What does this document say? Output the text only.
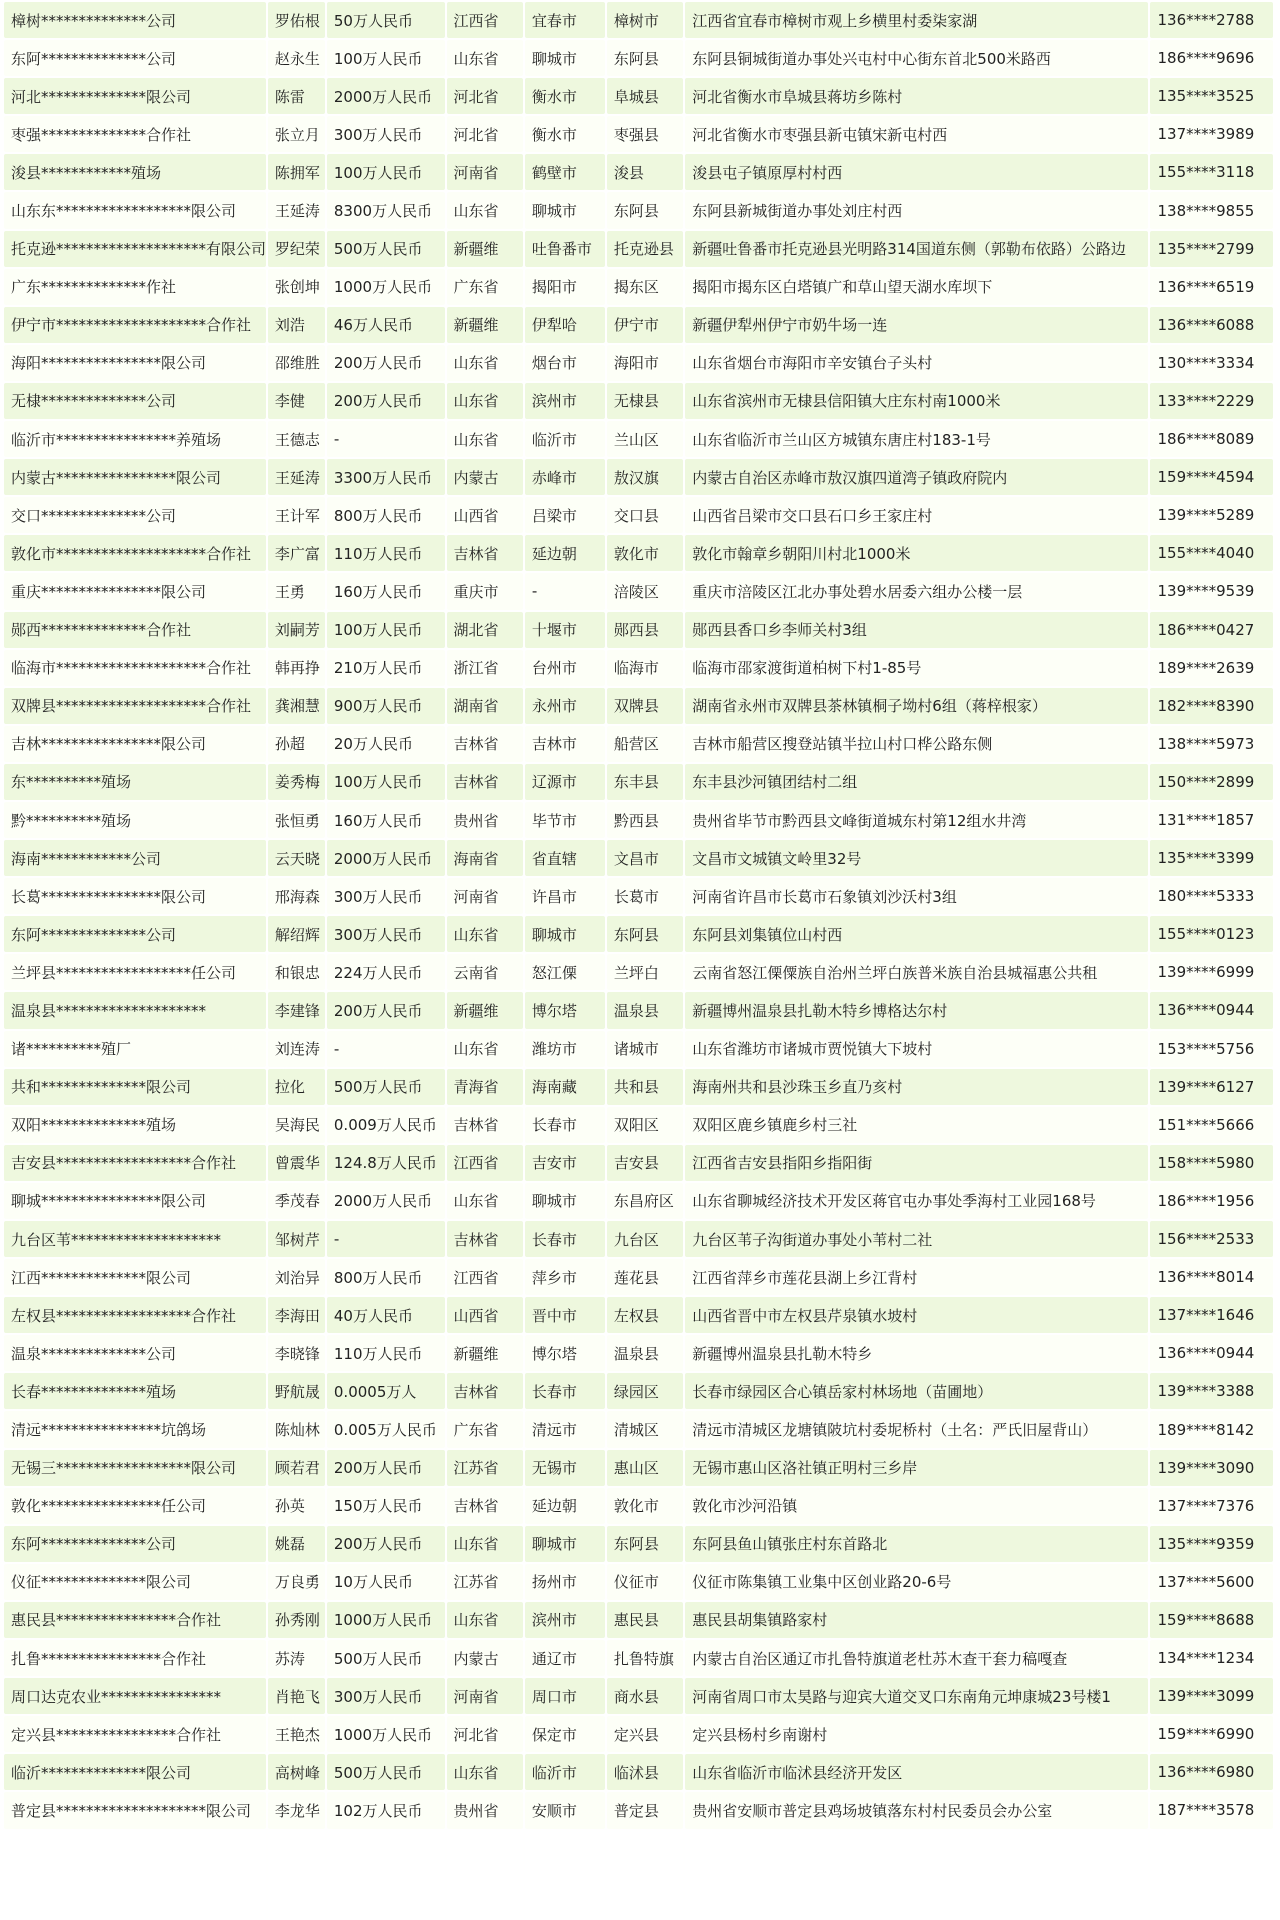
樟树**************公司	罗佑根	50万人民币	江西省	宜春市	樟树市	江西省宜春市樟树市观上乡横里村委柒家湖	136****2788
东阿**************公司	赵永生	100万人民币	山东省	聊城市	东阿县	东阿县铜城街道办事处兴屯村中心街东首北500米路西	186****9696
河北**************限公司	陈雷	2000万人民币	河北省	衡水市	阜城县	河北省衡水市阜城县蒋坊乡陈村	135****3525
枣强**************合作社	张立月	300万人民币	河北省	衡水市	枣强县	河北省衡水市枣强县新屯镇宋新屯村西	137****3989
浚县************殖场	陈拥军	100万人民币	河南省	鹤壁市	浚县	浚县屯子镇原厚村村西	155****3118
山东东******************限公司	王延涛	8300万人民币	山东省	聊城市	东阿县	东阿县新城街道办事处刘庄村西	138****9855
托克逊********************有限公司	罗纪荣	500万人民币	新疆维	吐鲁番市	托克逊县	新疆吐鲁番市托克逊县光明路314国道东侧（郭勒布依路）公路边	135****2799
广东**************作社	张创坤	1000万人民币	广东省	揭阳市	揭东区	揭阳市揭东区白塔镇广和草山望天湖水库坝下	136****6519
伊宁市********************合作社	刘浩	46万人民币	新疆维	伊犁哈	伊宁市	新疆伊犁州伊宁市奶牛场一连	136****6088
海阳****************限公司	邵维胜	200万人民币	山东省	烟台市	海阳市	山东省烟台市海阳市辛安镇台子头村	130****3334
无棣**************公司	李健	200万人民币	山东省	滨州市	无棣县	山东省滨州市无棣县信阳镇大庄东村南1000米	133****2229
临沂市****************养殖场	王德志	-	山东省	临沂市	兰山区	山东省临沂市兰山区方城镇东唐庄村183-1号	186****8089
内蒙古****************限公司	王延涛	3300万人民币	内蒙古	赤峰市	敖汉旗	内蒙古自治区赤峰市敖汉旗四道湾子镇政府院内	159****4594
交口**************公司	王计军	800万人民币	山西省	吕梁市	交口县	山西省吕梁市交口县石口乡王家庄村	139****5289
敦化市********************合作社	李广富	110万人民币	吉林省	延边朝	敦化市	敦化市翰章乡朝阳川村北1000米	155****4040
重庆****************限公司	王勇	160万人民币	重庆市	-	涪陵区	重庆市涪陵区江北办事处碧水居委六组办公楼一层	139****9539
郧西**************合作社	刘嗣芳	100万人民币	湖北省	十堰市	郧西县	郧西县香口乡李师关村3组	186****0427
临海市********************合作社	韩再挣	210万人民币	浙江省	台州市	临海市	临海市邵家渡街道柏树下村1-85号	189****2639
双牌县********************合作社	龚湘慧	900万人民币	湖南省	永州市	双牌县	湖南省永州市双牌县茶林镇桐子坳村6组（蒋梓根家）	182****8390
吉林****************限公司	孙超	20万人民币	吉林省	吉林市	船营区	吉林市船营区搜登站镇半拉山村口桦公路东侧	138****5973
东**********殖场	姜秀梅	100万人民币	吉林省	辽源市	东丰县	东丰县沙河镇团结村二组	150****2899
黔**********殖场	张恒勇	160万人民币	贵州省	毕节市	黔西县	贵州省毕节市黔西县文峰街道城东村第12组水井湾	131****1857
海南************公司	云天晓	2000万人民币	海南省	省直辖	文昌市	文昌市文城镇文岭里32号	135****3399
长葛****************限公司	邢海森	300万人民币	河南省	许昌市	长葛市	河南省许昌市长葛市石象镇刘沙沃村3组	180****5333
东阿**************公司	解绍辉	300万人民币	山东省	聊城市	东阿县	东阿县刘集镇位山村西	155****0123
兰坪县******************任公司	和银忠	224万人民币	云南省	怒江傈	兰坪白	云南省怒江傈僳族自治州兰坪白族普米族自治县城福惠公共租	139****6999
温泉县********************	李建锋	200万人民币	新疆维	博尔塔	温泉县	新疆博州温泉县扎勒木特乡博格达尔村	136****0944
诸**********殖厂	刘连涛	-	山东省	潍坊市	诸城市	山东省潍坊市诸城市贾悦镇大下坡村	153****5756
共和**************限公司	拉化	500万人民币	青海省	海南藏	共和县	海南州共和县沙珠玉乡直乃亥村	139****6127
双阳**************殖场	吴海民	0.009万人民币	吉林省	长春市	双阳区	双阳区鹿乡镇鹿乡村三社	151****5666
吉安县******************合作社	曾震华	124.8万人民币	江西省	吉安市	吉安县	江西省吉安县指阳乡指阳街	158****5980
聊城****************限公司	季茂春	2000万人民币	山东省	聊城市	东昌府区	山东省聊城经济技术开发区蒋官屯办事处季海村工业园168号	186****1956
九台区苇********************	邹树芹	-	吉林省	长春市	九台区	九台区苇子沟街道办事处小苇村二社	156****2533
江西**************限公司	刘治异	800万人民币	江西省	萍乡市	莲花县	江西省萍乡市莲花县湖上乡江背村	136****8014
左权县******************合作社	李海田	40万人民币	山西省	晋中市	左权县	山西省晋中市左权县芹泉镇水坡村	137****1646
温泉**************公司	李晓锋	110万人民币	新疆维	博尔塔	温泉县	新疆博州温泉县扎勒木特乡	136****0944
长春**************殖场	野航晟	0.0005万人	吉林省	长春市	绿园区	长春市绿园区合心镇岳家村林场地（苗圃地）	139****3388
清远****************坑鸽场	陈灿林	0.005万人民币	广东省	清远市	清城区	清远市清城区龙塘镇陂坑村委坭桥村（土名：严氏旧屋背山）	189****8142
无锡三******************限公司	顾若君	200万人民币	江苏省	无锡市	惠山区	无锡市惠山区洛社镇正明村三乡岸	139****3090
敦化****************任公司	孙英	150万人民币	吉林省	延边朝	敦化市	敦化市沙河沿镇	137****7376
东阿**************公司	姚磊	200万人民币	山东省	聊城市	东阿县	东阿县鱼山镇张庄村东首路北	135****9359
仪征**************限公司	万良勇	10万人民币	江苏省	扬州市	仪征市	仪征市陈集镇工业集中区创业路20-6号	137****5600
惠民县****************合作社	孙秀刚	1000万人民币	山东省	滨州市	惠民县	惠民县胡集镇路家村	159****8688
扎鲁****************合作社	苏涛	500万人民币	内蒙古	通辽市	扎鲁特旗	内蒙古自治区通辽市扎鲁特旗道老杜苏木查干套力稿嘎查	134****1234
周口达克农业****************	肖艳飞	300万人民币	河南省	周口市	商水县	河南省周口市太昊路与迎宾大道交叉口东南角元坤康城23号楼1	139****3099
定兴县****************合作社	王艳杰	1000万人民币	河北省	保定市	定兴县	定兴县杨村乡南谢村	159****6990
临沂**************限公司	高树峰	500万人民币	山东省	临沂市	临沭县	山东省临沂市临沭县经济开发区	136****6980
普定县********************限公司	李龙华	102万人民币	贵州省	安顺市	普定县	贵州省安顺市普定县鸡场坡镇落东村村民委员会办公室	187****3578
